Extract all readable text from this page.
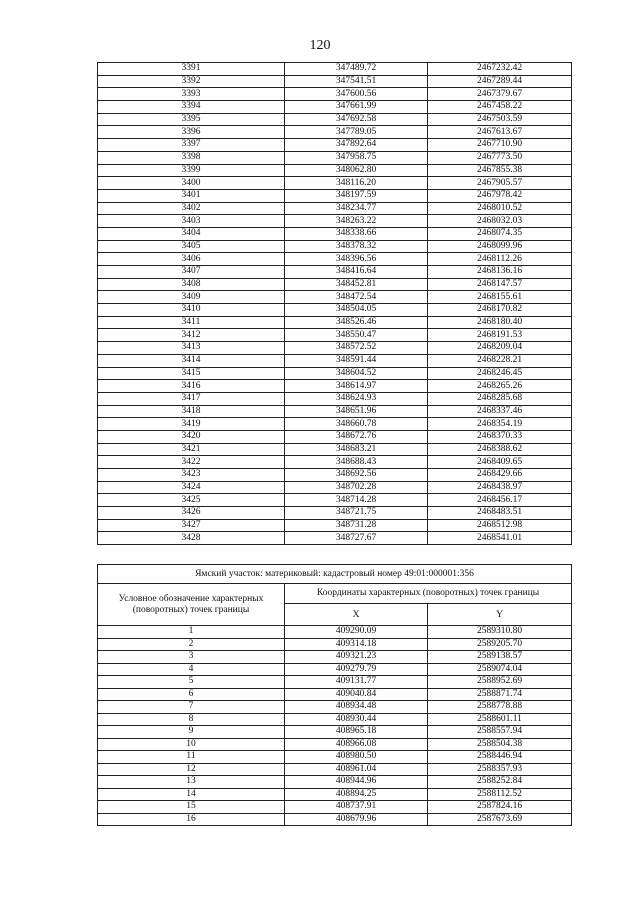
120
3391	347489.72	2467232.42
3392	347541.51	2467289.44
3393	347600.56	2467379.67
3394	347661.99	2467458.22
3395	347692.58	2467503.59
3396	347789.05	2467613.67
3397	347892.64	2467710.90
3398	347958.75	2467773.50
3399	348062.80	2467855.38
3400	348116.20	2467905.57
3401	348197.59	2467978.42
3402	348234.77	2468010.52
3403	348263.22	2468032.03
3404	348338.66	2468074.35
3405	348378.32	2468099.96
3406	348396.56	2468112.26
3407	348416.64	2468136.16
3408	348452.81	2468147.57
3409	348472.54	2468155.61
3410	348504.05	2468170.82
3411	348526.46	2468180.40
3412	348550.47	2468191.53
3413	348572.52	2468209.04
3414	348591.44	2468228.21
3415	348604.52	2468246.45
3416	348614.97	2468265.26
3417	348624.93	2468285.68
3418	348651.96	2468337.46
3419	348660.78	2468354.19
3420	348672.76	2468370.33
3421	348683.21	2468388.62
3422	348688.43	2468409.65
3423	348692.56	2468429.66
3424	348702.28	2468438.97
3425	348714.28	2468456.17
3426	348721.75	2468483.51
3427	348731.28	2468512.98
3428	348727.67	2468541.01
Ямский участок: материковый: кадастровый номер 49:01:000001:356		
Условное обозначение характерных (поворотных) точек границы	Координаты характерных (поворотных) точек границы	
	X	Y
1	409290.09	2589310.80
2	409314.18	2589205.70
3	409321.23	2589138.57
4	409279.79	2589074.04
5	409131.77	2588952.69
6	409040.84	2588871.74
7	408934.48	2588778.88
8	408930.44	2588601.11
9	408965.18	2588557.94
10	408966.08	2588504.38
11	408980.50	2588446.94
12	408961.04	2588357.93
13	408944.96	2588252.84
14	408894.25	2588112.52
15	408737.91	2587824.16
16	408679.96	2587673.69
